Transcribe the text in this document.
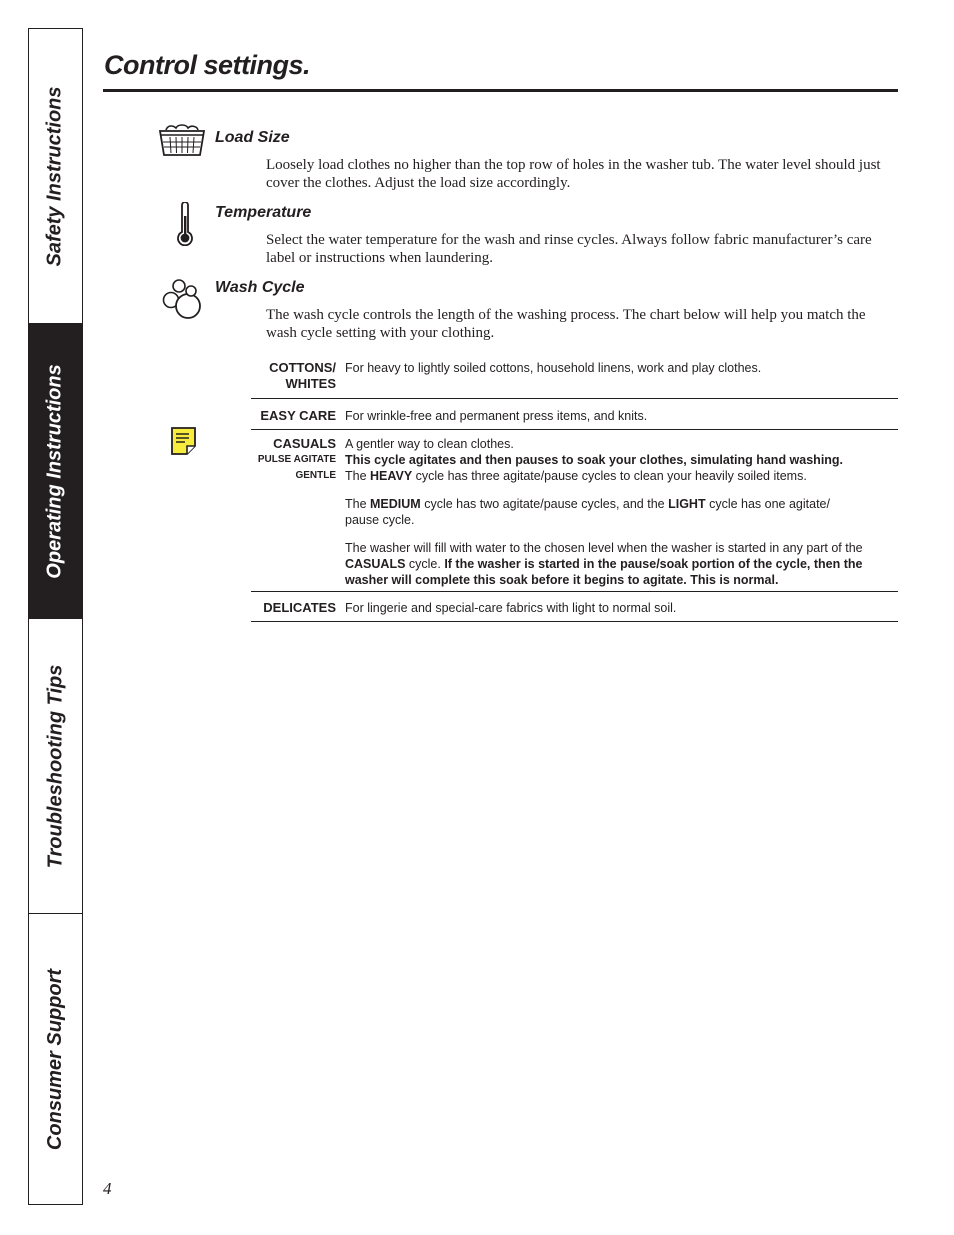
Safety Instructions
Operating Instructions
Troubleshooting Tips
Consumer Support
Control settings.
Load Size
Loosely load clothes no higher than the top row of holes in the washer tub. The water level should just cover the clothes. Adjust the load size accordingly.
Temperature
Select the water temperature for the wash and rinse cycles. Always follow fabric manufacturer’s care label or instructions when laundering.
Wash Cycle
The wash cycle controls the length of the washing process. The chart below will help you match the wash cycle setting with your clothing.
COTTONS/
WHITES
For heavy to lightly soiled cottons, household linens, work and play clothes.
EASY CARE For wrinkle-free and permanent press items, and knits.
CASUALS
PULSE AGITATE
GENTLE

A gentler way to clean clothes.

This cycle agitates and then pauses to soak your clothes, simulating hand washing.

The HEAVY cycle has three agitate/pause cycles to clean your heavily soiled items.

The MEDIUM cycle has two agitate/pause cycles, and the LIGHT cycle has one agitate/

pause cycle.

The washer will fill with water to the chosen level when the washer is started in any part of the

CASUALS cycle. If the washer is started in the pause/soak portion of the cycle, then the washer will complete this soak before it begins to agitate. This is normal.

DELICATES For lingerie and special-care fabrics with light to normal soil.
4
